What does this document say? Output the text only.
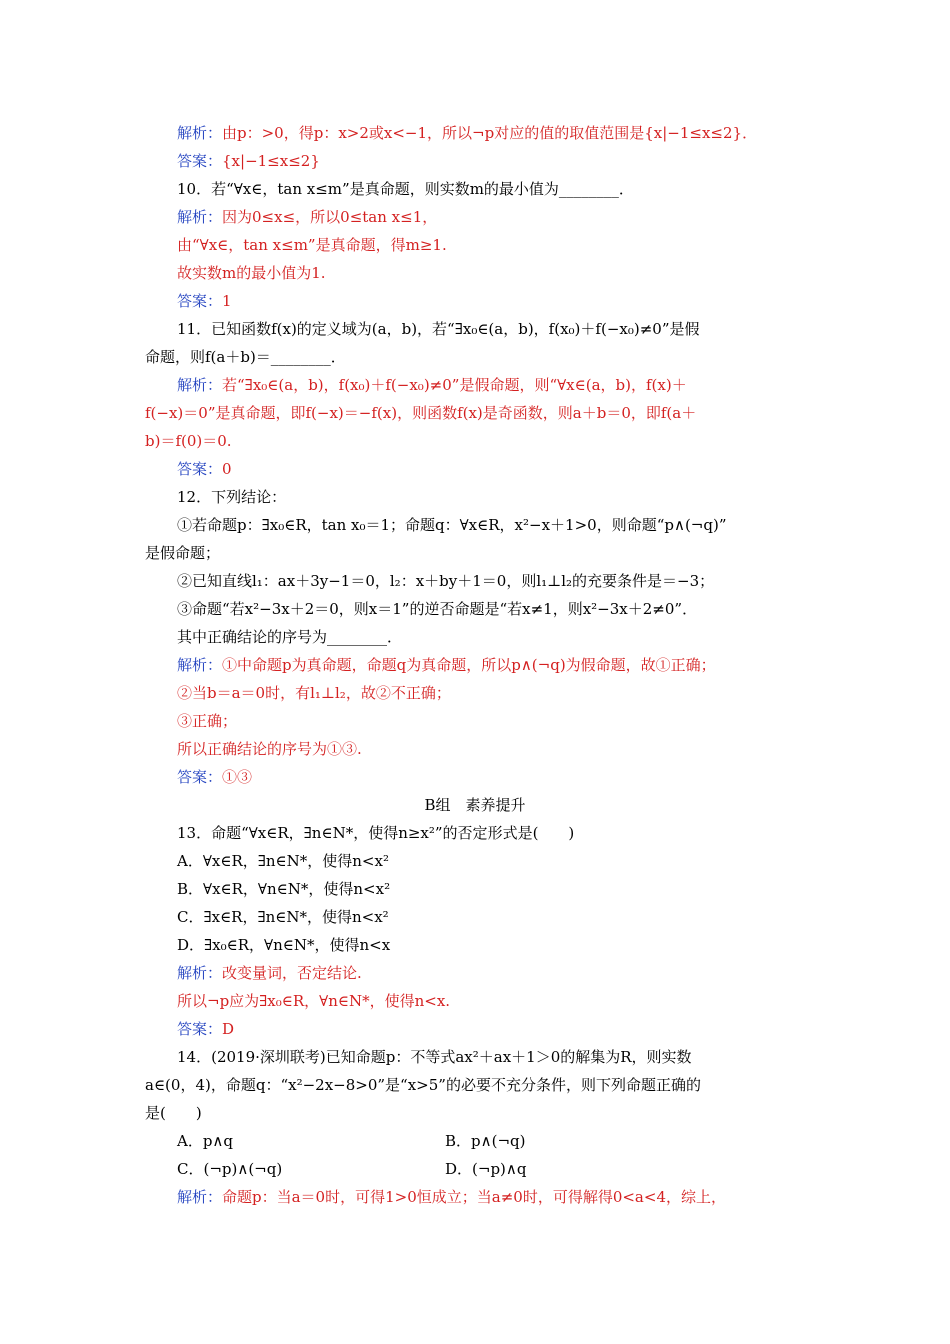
解析：由p：>0，得p：x>2或x<−1，所以¬p对应的值的取值范围是{x|−1≤x≤2}．
答案：{x|−1≤x≤2}
10．若“∀x∈，tan x≤m”是真命题，则实数m的最小值为________．
解析：因为0≤x≤，所以0≤tan x≤1，
由“∀x∈，tan x≤m”是真命题，得m≥1.
故实数m的最小值为1.
答案：1
11．已知函数f(x)的定义域为(a，b)，若“∃x₀∈(a，b)，f(x₀)＋f(−x₀)≠0”是假
命题，则f(a＋b)＝________．
解析：若“∃x₀∈(a，b)，f(x₀)＋f(−x₀)≠0”是假命题，则“∀x∈(a，b)，f(x)＋
f(−x)＝0”是真命题，即f(−x)＝−f(x)，则函数f(x)是奇函数，则a＋b＝0，即f(a＋
b)＝f(0)＝0.
答案：0
12．下列结论：
①若命题p：∃x₀∈R，tan x₀＝1；命题q：∀x∈R，x²−x＋1>0，则命题“p∧(¬q)”
是假命题；
②已知直线l₁：ax＋3y−1＝0，l₂：x＋by＋1＝0，则l₁⊥l₂的充要条件是＝−3；
③命题“若x²−3x＋2＝0，则x＝1”的逆否命题是“若x≠1，则x²−3x＋2≠0”．
其中正确结论的序号为________．
解析：①中命题p为真命题，命题q为真命题，所以p∧(¬q)为假命题，故①正确；
②当b＝a＝0时，有l₁⊥l₂，故②不正确；
③正确；
所以正确结论的序号为①③.
答案：①③
B组　素养提升
13．命题“∀x∈R，∃n∈N*，使得n≥x²”的否定形式是(　　)
A．∀x∈R，∃n∈N*，使得n<x²
B．∀x∈R，∀n∈N*，使得n<x²
C．∃x∈R，∃n∈N*，使得n<x²
D．∃x₀∈R，∀n∈N*，使得n<x
解析：改变量词，否定结论.
所以¬p应为∃x₀∈R，∀n∈N*，使得n<x.
答案：D
14．(2019·深圳联考)已知命题p：不等式ax²＋ax＋1＞0的解集为R，则实数
a∈(0，4)，命题q：“x²−2x−8>0”是“x>5”的必要不充分条件，则下列命题正确的
是(　　)
A．p∧q	B．p∧(¬q)
C．(¬p)∧(¬q)	D．(¬p)∧q
解析：命题p：当a＝0时，可得1>0恒成立；当a≠0时，可得解得0<a<4，综上，
